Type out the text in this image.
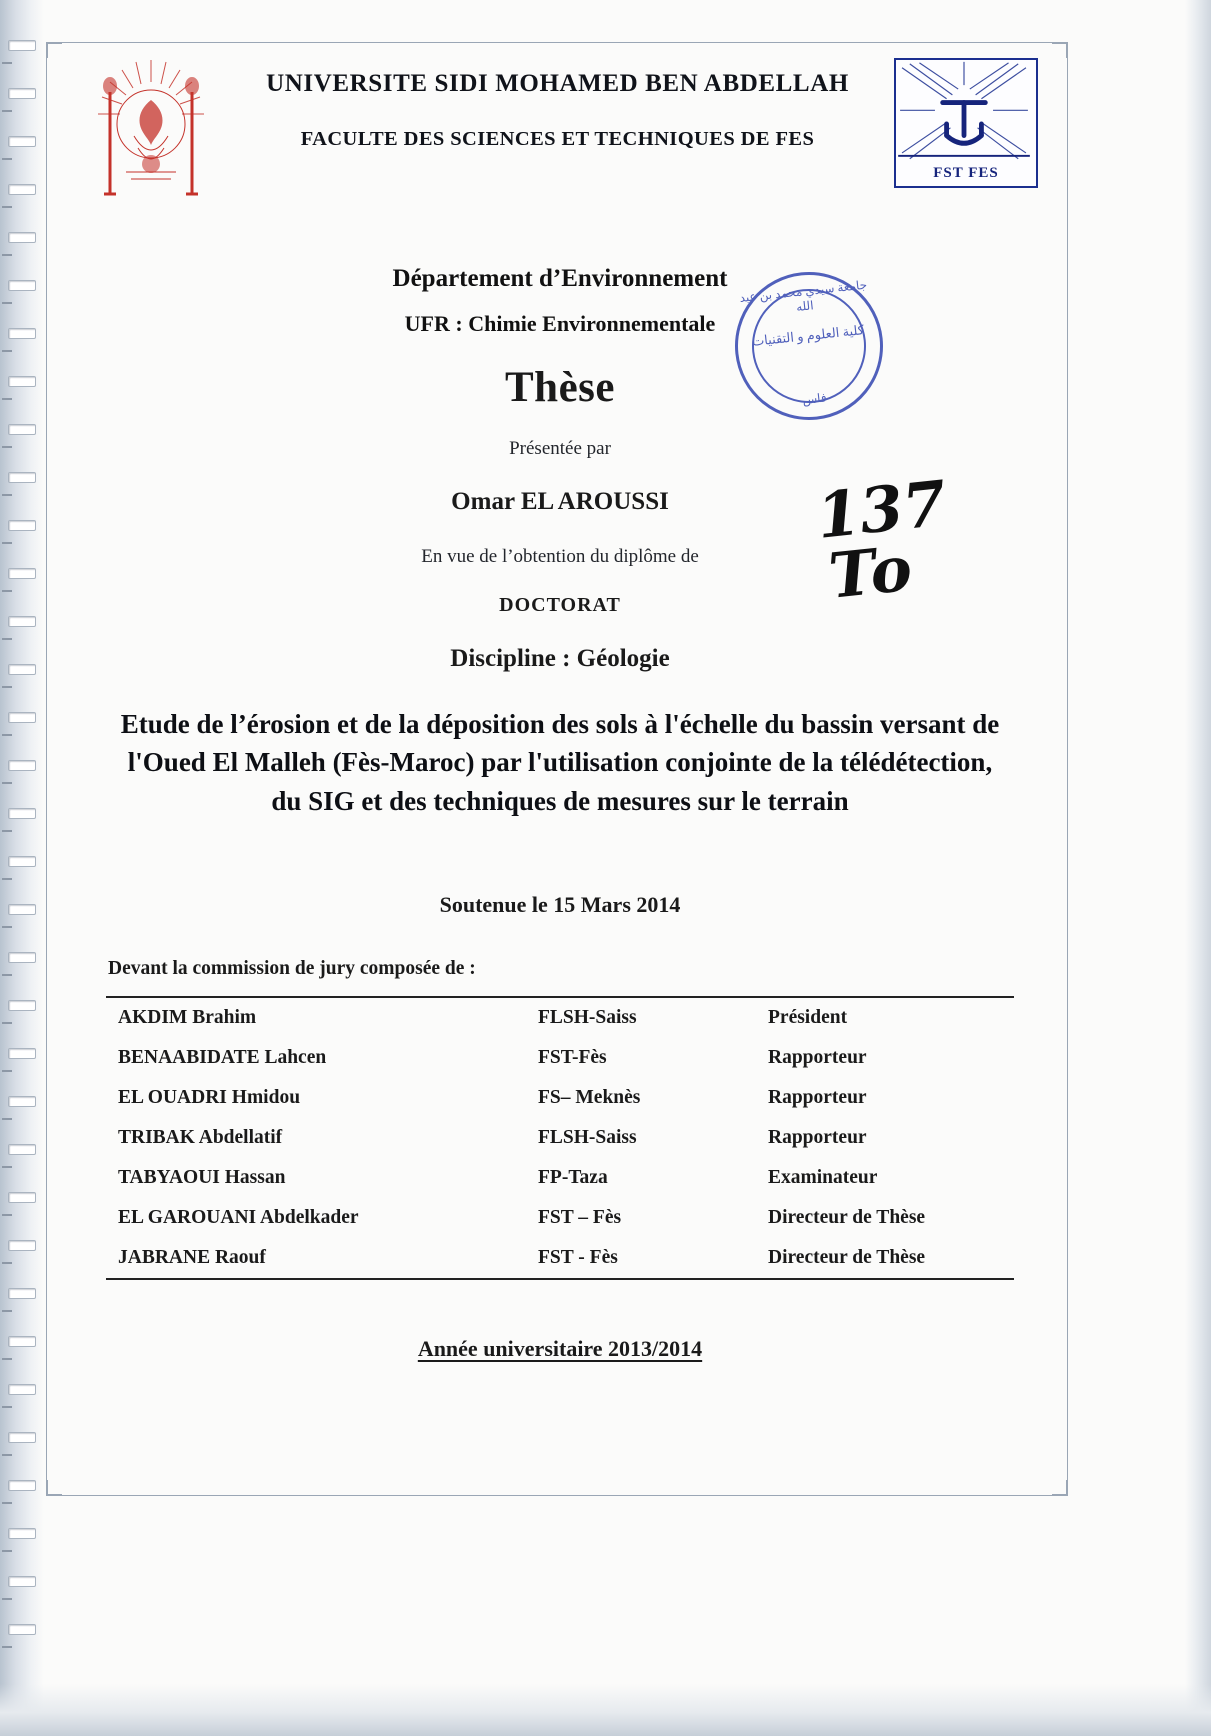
UNIVERSITE SIDI MOHAMED BEN ABDELLAH
FACULTE DES SCIENCES ET TECHNIQUES DE FES
FST FES
Département d’Environnement
UFR : Chimie Environnementale
Thèse
Présentée par
Omar EL AROUSSI
En vue de l’obtention du diplôme de
DOCTORAT
Discipline : Géologie
Etude de l’érosion et de la déposition des sols à l'échelle du bassin versant de l'Oued El Malleh (Fès-Maroc) par l'utilisation conjointe de la télédétection, du SIG et des techniques de mesures sur le terrain
Soutenue le 15 Mars 2014
Devant la commission de jury composée de :
AKDIM Brahim	FLSH-Saiss	Président
BENAABIDATE Lahcen	FST-Fès	Rapporteur
EL OUADRI Hmidou	FS– Meknès	Rapporteur
TRIBAK Abdellatif	FLSH-Saiss	Rapporteur
TABYAOUI Hassan	FP-Taza	Examinateur
EL GAROUANI Abdelkader	FST – Fès	Directeur de Thèse
JABRANE Raouf	FST - Fès	Directeur de Thèse
Année universitaire 2013/2014
جامعة سيدي محمد بن عبد الله
كلية العلوم و التقنيات
فاس
137
To
